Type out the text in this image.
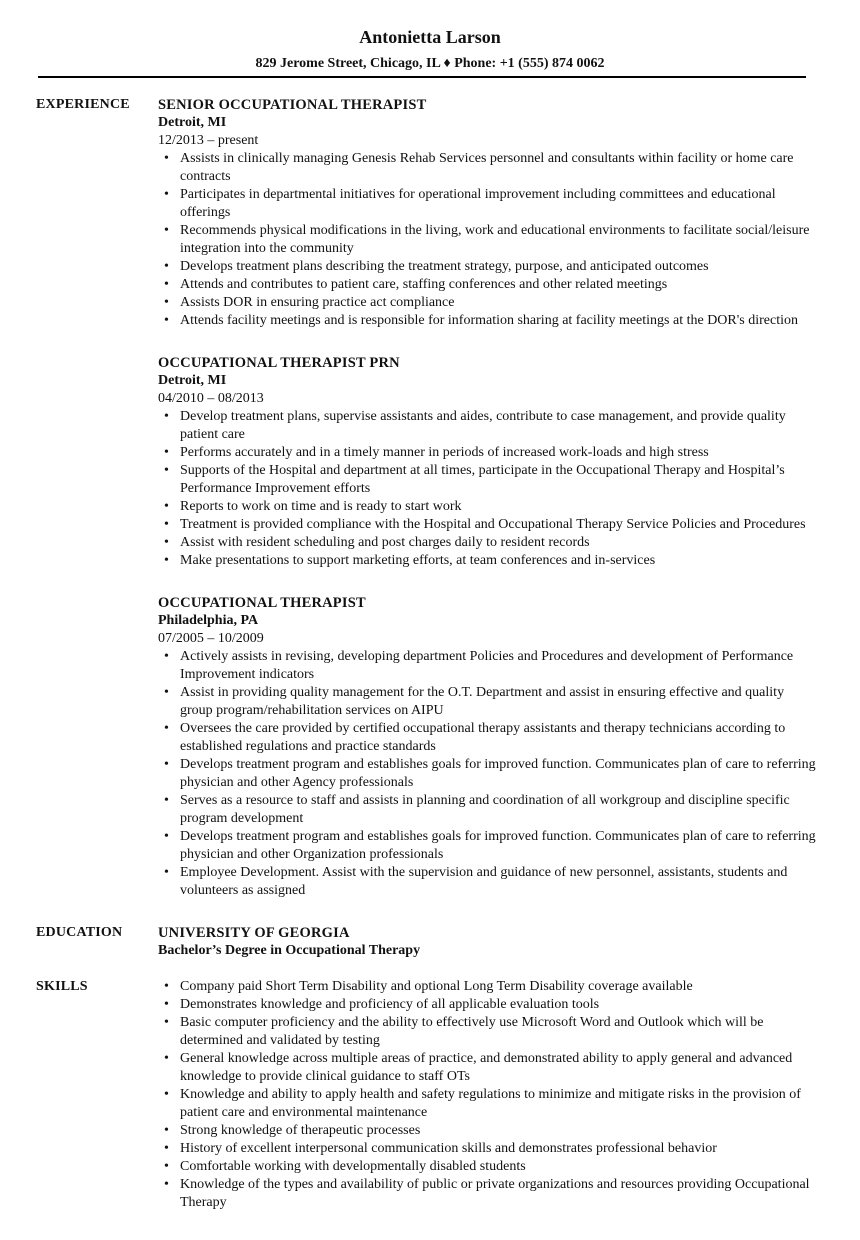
Antonietta Larson
829 Jerome Street, Chicago, IL ♦ Phone: +1 (555) 874 0062
EXPERIENCE SENIOR OCCUPATIONAL THERAPIST
Detroit, MI
12/2013 – present
• Assists in clinically managing Genesis Rehab Services personnel and consultants within facility or home care contracts
• Participates in departmental initiatives for operational improvement including committees and educational offerings
• Recommends physical modifications in the living, work and educational environments to facilitate social/leisure integration into the community
• Develops treatment plans describing the treatment strategy, purpose, and anticipated outcomes
• Attends and contributes to patient care, staffing conferences and other related meetings
• Assists DOR in ensuring practice act compliance
• Attends facility meetings and is responsible for information sharing at facility meetings at the DOR's direction
OCCUPATIONAL THERAPIST PRN
Detroit, MI
04/2010 – 08/2013
• Develop treatment plans, supervise assistants and aides, contribute to case management, and provide quality patient care
• Performs accurately and in a timely manner in periods of increased work-loads and high stress
• Supports of the Hospital and department at all times, participate in the Occupational Therapy and Hospital’s Performance Improvement efforts
• Reports to work on time and is ready to start work
• Treatment is provided compliance with the Hospital and Occupational Therapy Service Policies and Procedures
• Assist with resident scheduling and post charges daily to resident records
• Make presentations to support marketing efforts, at team conferences and in-services
OCCUPATIONAL THERAPIST
Philadelphia, PA
07/2005 – 10/2009
• Actively assists in revising, developing department Policies and Procedures and development of Performance Improvement indicators
• Assist in providing quality management for the O.T. Department and assist in ensuring effective and quality group program/rehabilitation services on AIPU
• Oversees the care provided by certified occupational therapy assistants and therapy technicians according to established regulations and practice standards
• Develops treatment program and establishes goals for improved function. Communicates plan of care to referring physician and other Agency professionals
• Serves as a resource to staff and assists in planning and coordination of all workgroup and discipline specific program development
• Develops treatment program and establishes goals for improved function. Communicates plan of care to referring physician and other Organization professionals
• Employee Development. Assist with the supervision and guidance of new personnel, assistants, students and volunteers as assigned
EDUCATION UNIVERSITY OF GEORGIA
Bachelor’s Degree in Occupational Therapy
SKILLS
•	Company paid Short Term Disability and optional Long Term Disability coverage available
• Demonstrates knowledge and proficiency of all applicable evaluation tools
• Basic computer proficiency and the ability to effectively use Microsoft Word and Outlook which will be determined and validated by testing
• General knowledge across multiple areas of practice, and demonstrated ability to apply general and advanced knowledge to provide clinical guidance to staff OTs
• Knowledge and ability to apply health and safety regulations to minimize and mitigate risks in the provision of patient care and environmental maintenance
• Strong knowledge of therapeutic processes
• History of excellent interpersonal communication skills and demonstrates professional behavior
• Comfortable working with developmentally disabled students
• Knowledge of the types and availability of public or private organizations and resources providing Occupational Therapy
